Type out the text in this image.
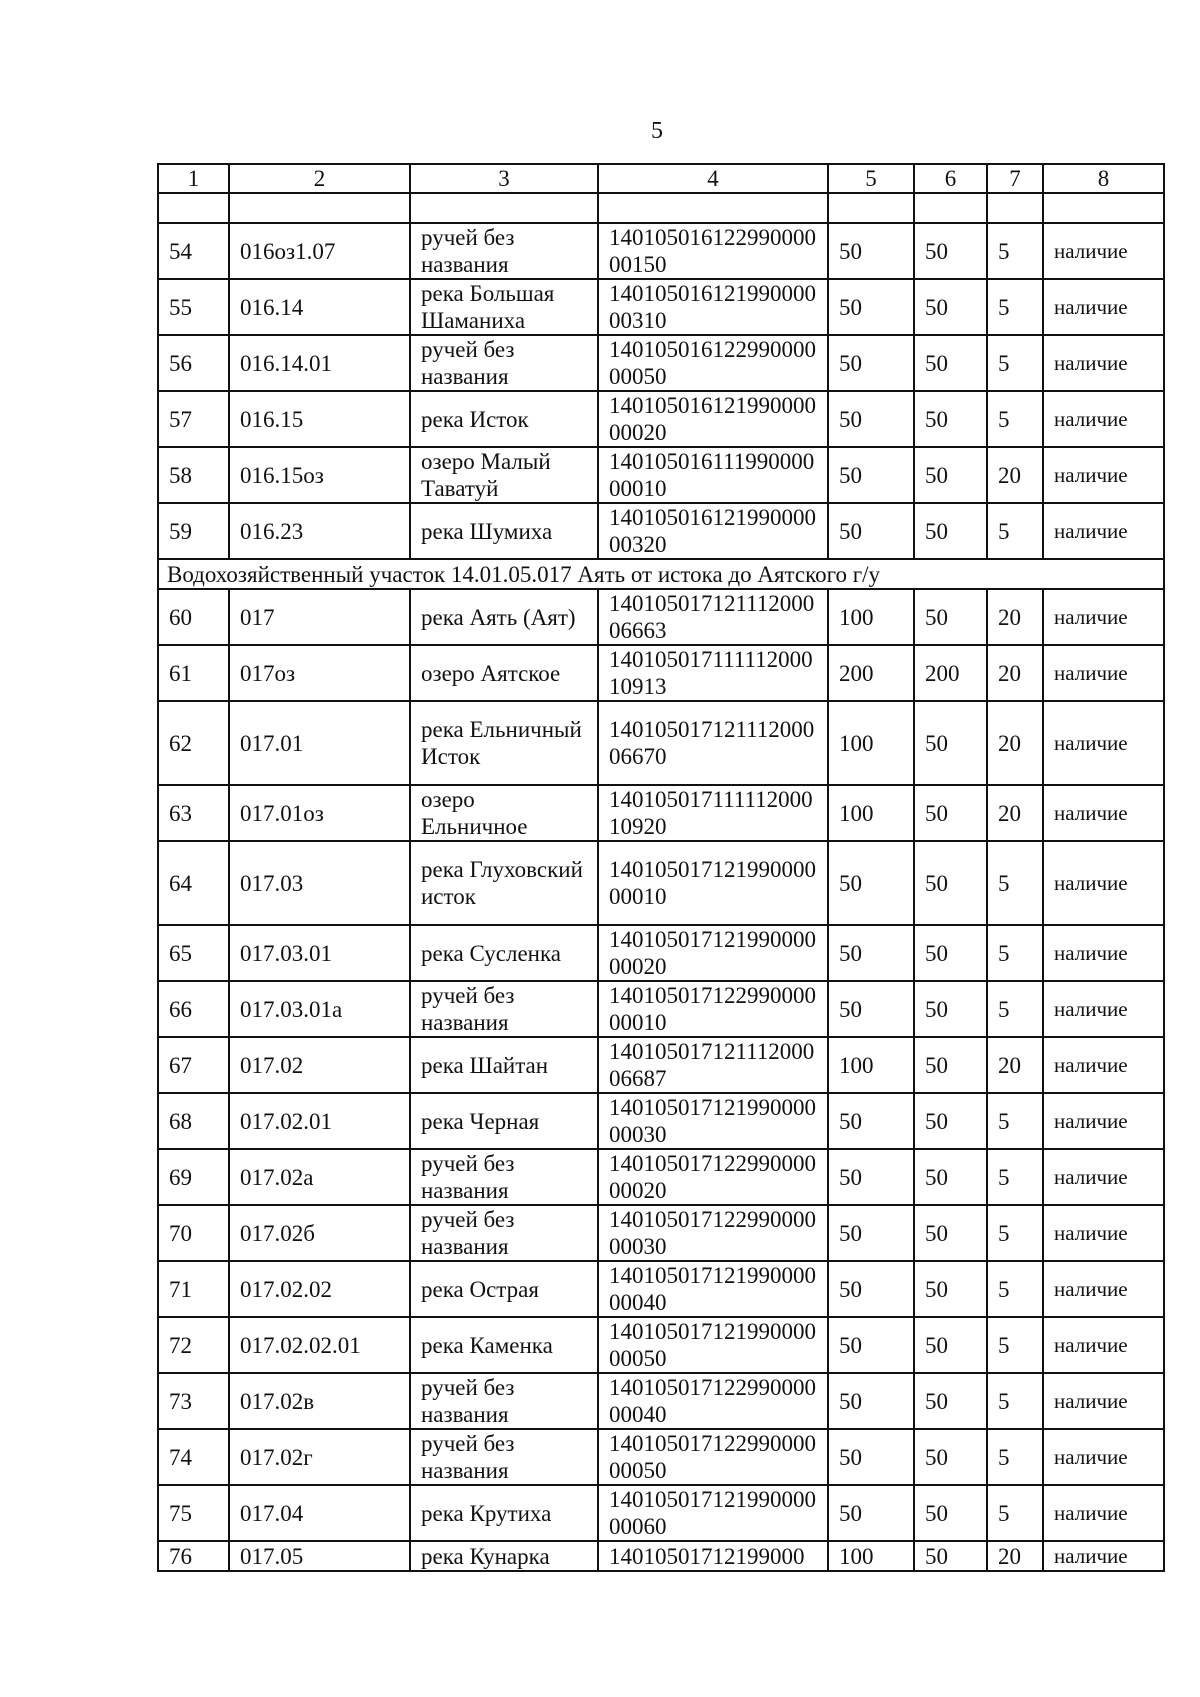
5
1	2	3	4	5	6	7	8

54	016оз1.07	ручей без названия	14010501612299000000150	50	50	5	наличие
55	016.14	река Большая Шаманиха	14010501612199000000310	50	50	5	наличие
56	016.14.01	ручей без названия	14010501612299000000050	50	50	5	наличие
57	016.15	река Исток	14010501612199000000020	50	50	5	наличие
58	016.15оз	озеро Малый Таватуй	14010501611199000000010	50	50	20	наличие
59	016.23	река Шумиха	14010501612199000000320	50	50	5	наличие
Водохозяйственный участок 14.01.05.017 Аять от истока до Аятского г/у							
60	017	река Аять (Аят)	14010501712111200006663	100	50	20	наличие
61	017оз	озеро Аятское	14010501711111200010913	200	200	20	наличие
62	017.01	река Ельничный Исток	14010501712111200006670	100	50	20	наличие
63	017.01оз	озеро Ельничное	14010501711111200010920	100	50	20	наличие
64	017.03	река Глуховский исток	14010501712199000000010	50	50	5	наличие
65	017.03.01	река Сусленка	14010501712199000000020	50	50	5	наличие
66	017.03.01а	ручей без названия	14010501712299000000010	50	50	5	наличие
67	017.02	река Шайтан	14010501712111200006687	100	50	20	наличие
68	017.02.01	река Черная	14010501712199000000030	50	50	5	наличие
69	017.02а	ручей без названия	14010501712299000000020	50	50	5	наличие
70	017.02б	ручей без названия	14010501712299000000030	50	50	5	наличие
71	017.02.02	река Острая	14010501712199000000040	50	50	5	наличие
72	017.02.02.01	река Каменка	14010501712199000000050	50	50	5	наличие
73	017.02в	ручей без названия	14010501712299000000040	50	50	5	наличие
74	017.02г	ручей без названия	14010501712299000000050	50	50	5	наличие
75	017.04	река Крутиха	14010501712199000000060	50	50	5	наличие
76	017.05	река Кунарка	14010501712199000	100	50	20	наличие
